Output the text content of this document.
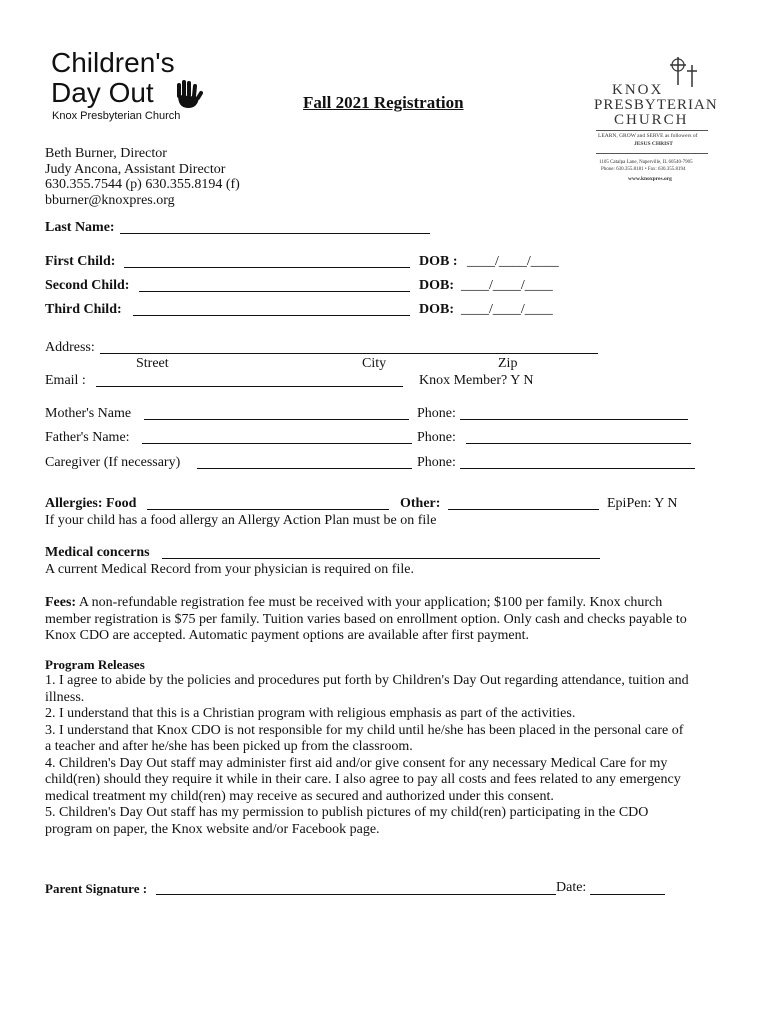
Children's
Day Out
Knox Presbyterian Church
Fall 2021 Registration
KNOX
PRESBYTERIAN
CHURCH
LEARN, GROW and SERVE as followers of
JESUS CHRIST
1105 Catalpa Lane, Naperville, IL 60540-7905
Phone: 630.355.8181 • Fax: 630.355.8194
www.knoxpres.org
Beth Burner, Director
Judy Ancona, Assistant Director
630.355.7544 (p) 630.355.8194 (f)
bburner@knoxpres.org
Last Name:
First Child:	DOB : ____/____/____
Second Child:	DOB: ____/____/____
Third Child:	DOB: ____/____/____
Address:
Street	City	Zip
Email :	Knox Member? Y N
Mother's Name	Phone:
Father's Name:	Phone:
Caregiver (If necessary)	Phone:
Allergies: Food	Other:	EpiPen: Y N
If your child has a food allergy an Allergy Action Plan must be on file
Medical concerns
A current Medical Record from your physician is required on file.
Fees: A non-refundable registration fee must be received with your application; $100 per family. Knox church member registration is $75 per family. Tuition varies based on enrollment option. Only cash and checks payable to Knox CDO are accepted. Automatic payment options are available after first payment.
Program Releases
1. I agree to abide by the policies and procedures put forth by Children's Day Out regarding attendance, tuition and illness.
2. I understand that this is a Christian program with religious emphasis as part of the activities.
3. I understand that Knox CDO is not responsible for my child until he/she has been placed in the personal care of a teacher and after he/she has been picked up from the classroom.
4. Children's Day Out staff may administer first aid and/or give consent for any necessary Medical Care for my child(ren) should they require it while in their care. I also agree to pay all costs and fees related to any emergency medical treatment my child(ren) may receive as secured and authorized under this consent.
5. Children's Day Out staff has my permission to publish pictures of my child(ren) participating in the CDO program on paper, the Knox website and/or Facebook page.
Parent Signature :	Date:
